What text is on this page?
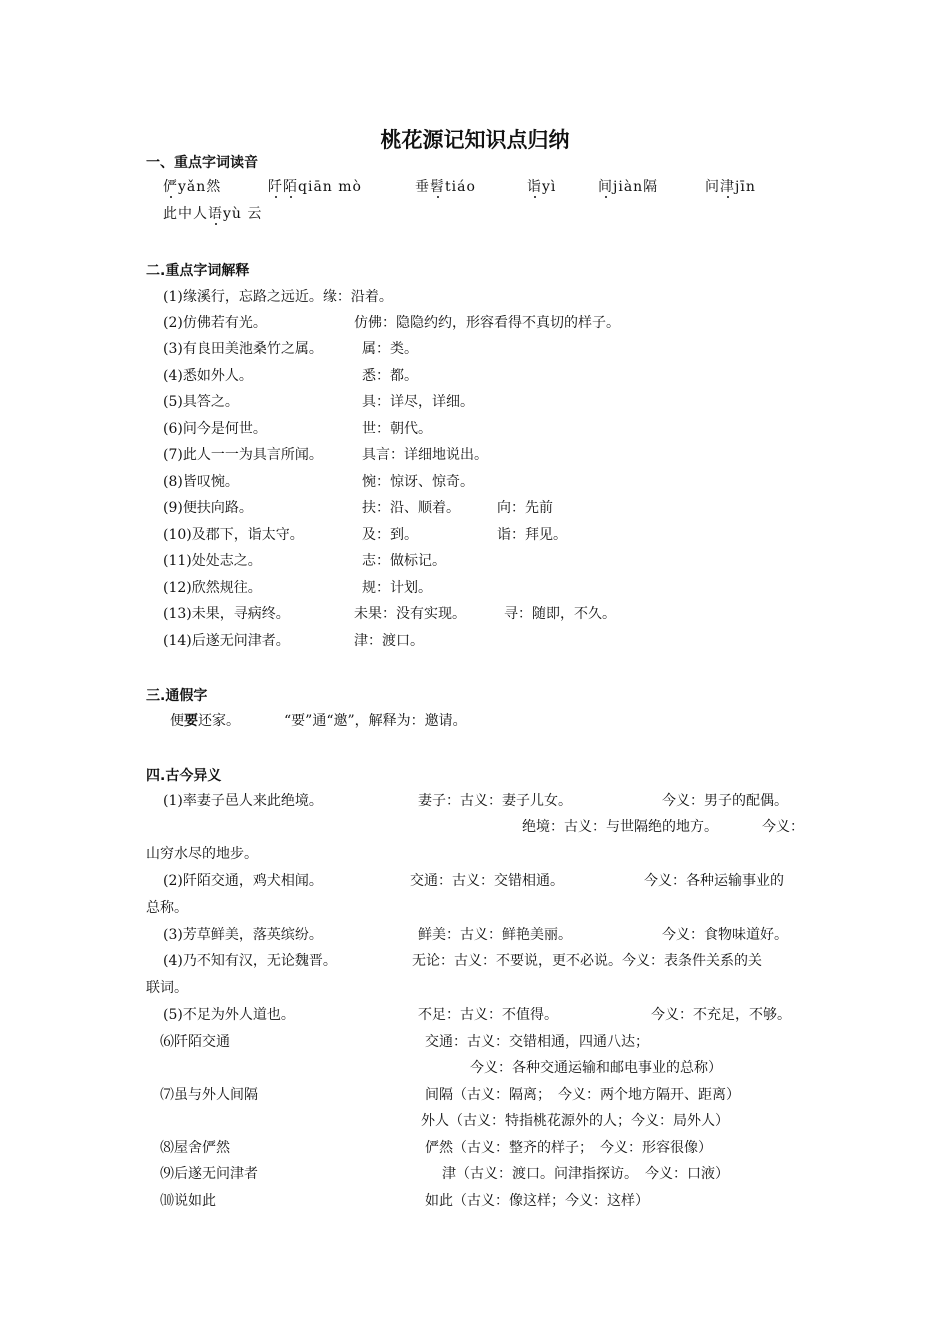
桃花源记知识点归纳
一、重点字词读音
俨yǎn然	阡陌qiān mò	垂髫tiáo	诣yì	间jiàn隔	问津jīn
此中人语yù 云
二.重点字词解释
(1)缘溪行，忘路之远近。缘：沿着。
(2)仿佛若有光。	仿佛：隐隐约约，形容看得不真切的样子。
(3)有良田美池桑竹之属。	属：类。
(4)悉如外人。	悉：都。
(5)具答之。	具：详尽，详细。
(6)问今是何世。	世：朝代。
(7)此人一一为具言所闻。	具言：详细地说出。
(8)皆叹惋。	惋：惊讶、惊奇。
(9)便扶向路。	扶：沿、顺着。	向：先前
(10)及郡下，诣太守。	及：到。	诣：拜见。
(11)处处志之。	志：做标记。
(12)欣然规往。	规：计划。
(13)未果，寻病终。	未果：没有实现。	寻：随即，不久。
(14)后遂无问津者。	津：渡口。
三.通假字
便要还家。	“要”通“邀”，解释为：邀请。
四.古今异义
(1)率妻子邑人来此绝境。	妻子：古义：妻子儿女。	今义：男子的配偶。
绝境：古义：与世隔绝的地方。	今义：
山穷水尽的地步。
(2)阡陌交通，鸡犬相闻。	交通：古义：交错相通。	今义：各种运输事业的
总称。
(3)芳草鲜美，落英缤纷。	鲜美：古义：鲜艳美丽。	今义：食物味道好。
(4)乃不知有汉，无论魏晋。	无论：古义：不要说，更不必说。今义：表条件关系的关
联词。
(5)不足为外人道也。	不足：古义：不值得。	今义：不充足，不够。
⑹阡陌交通	交通：古义：交错相通，四通八达；
今义：各种交通运输和邮电事业的总称）
⑺虽与外人间隔	间隔（古义：隔离；　今义：两个地方隔开、距离）
外人（古义：特指桃花源外的人；今义：局外人）
⑻屋舍俨然	俨然（古义：整齐的样子；　今义：形容很像）
⑼后遂无问津者	津（古义：渡口。问津指探访。　今义：口液）
⑽说如此	如此（古义：像这样；今义：这样）
